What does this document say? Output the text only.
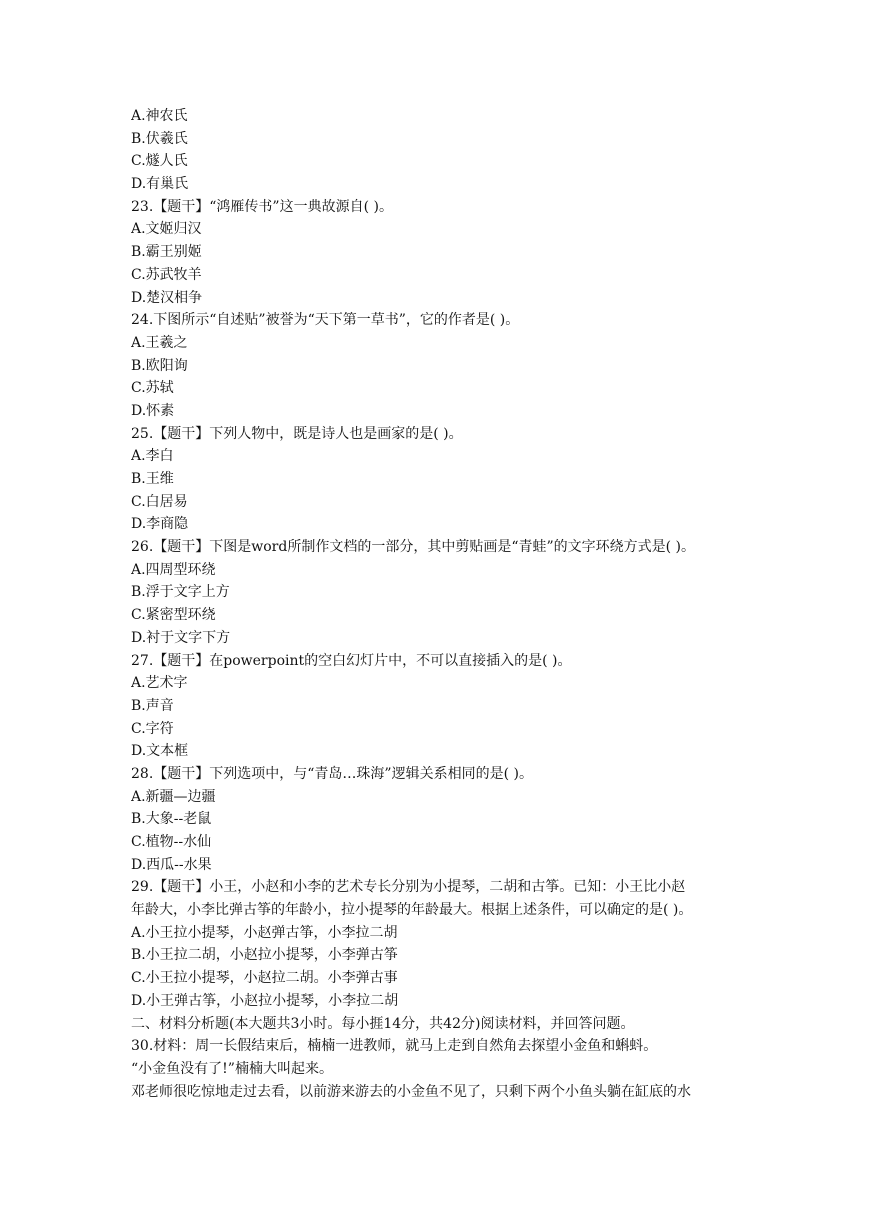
A.神农氏
B.伏羲氏
C.燧人氏
D.有巢氏
23.【题干】“鸿雁传书”这一典故源自( )。
A.文姬归汉
B.霸王别姬
C.苏武牧羊
D.楚汉相争
24.下图所示“自述贴”被誉为“天下第一草书”，它的作者是( )。
A.王羲之
B.欧阳询
C.苏轼
D.怀素
25.【题干】下列人物中，既是诗人也是画家的是( )。
A.李白
B.王维
C.白居易
D.李商隐
26.【题干】下图是word所制作文档的一部分，其中剪贴画是“青蛙”的文字环绕方式是( )。
A.四周型环绕
B.浮于文字上方
C.紧密型环绕
D.衬于文字下方
27.【题干】在powerpoint的空白幻灯片中，不可以直接插入的是( )。
A.艺术字
B.声音
C.字符
D.文本框
28.【题干】下列选项中，与“青岛…珠海”逻辑关系相同的是( )。
A.新疆—边疆
B.大象--老鼠
C.植物--水仙
D.西瓜--水果
29.【题干】小王，小赵和小李的艺术专长分别为小提琴，二胡和古筝。已知：小王比小赵
年龄大，小李比弹古筝的年龄小，拉小提琴的年龄最大。根据上述条件，可以确定的是( )。
A.小王拉小提琴，小赵弹古筝，小李拉二胡
B.小王拉二胡，小赵拉小提琴，小李弹古筝
C.小王拉小提琴，小赵拉二胡。小李弹古事
D.小王弹古筝，小赵拉小提琴，小李拉二胡
二、材料分析题(本大题共3小时。每小捱14分，共42分)阅读材料，并回答问题。
30.材料：周一长假结束后，楠楠一进教师，就马上走到自然角去探望小金鱼和蝌蚪。
“小金鱼没有了!”楠楠大叫起来。
邓老师很吃惊地走过去看，以前游来游去的小金鱼不见了，只剩下两个小鱼头躺在缸底的水
